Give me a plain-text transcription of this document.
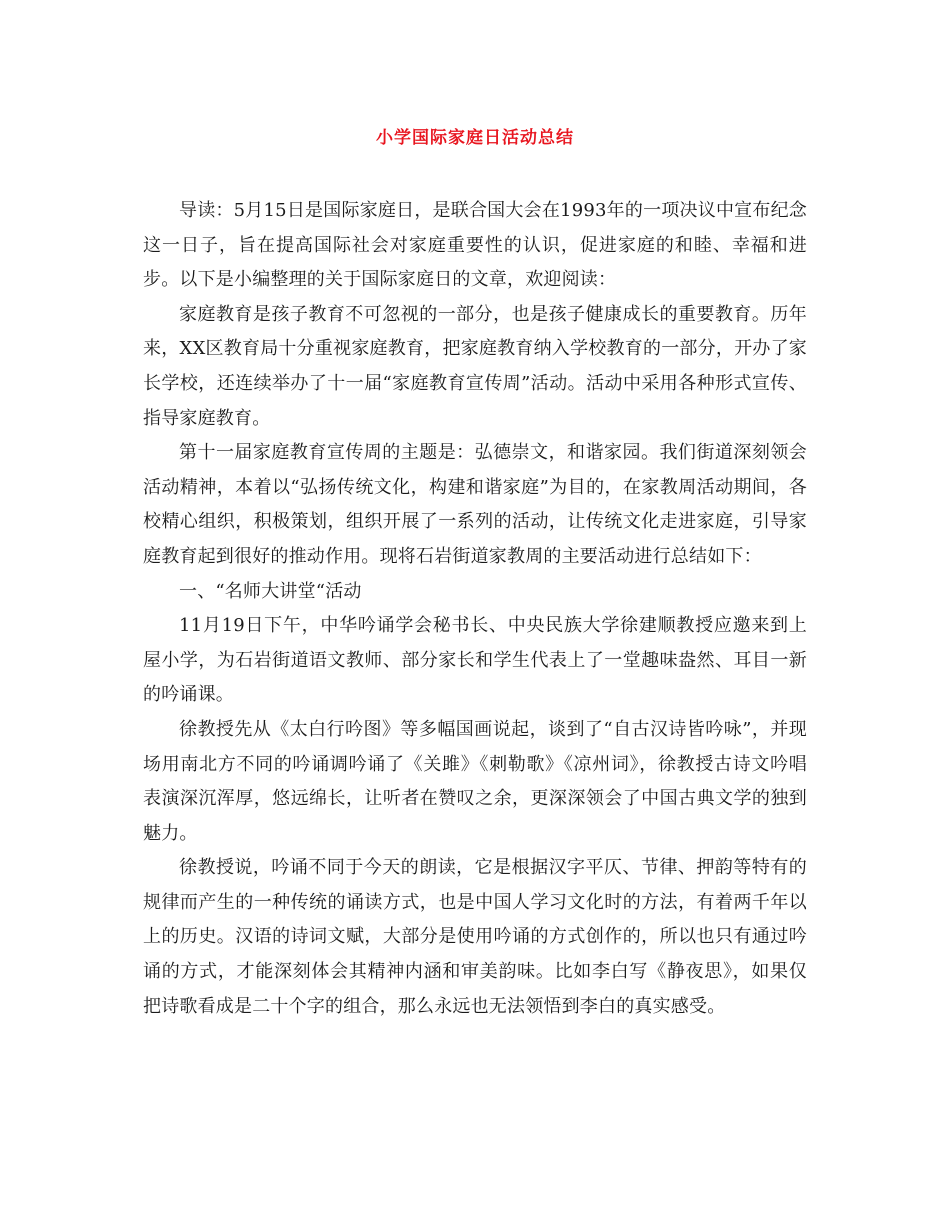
小学国际家庭日活动总结

导读：5月15日是国际家庭日，是联合国大会在1993年的一项决议中宣布纪念这一日子，旨在提高国际社会对家庭重要性的认识，促进家庭的和睦、幸福和进步。以下是小编整理的关于国际家庭日的文章，欢迎阅读：

家庭教育是孩子教育不可忽视的一部分，也是孩子健康成长的重要教育。历年来，XX区教育局十分重视家庭教育，把家庭教育纳入学校教育的一部分，开办了家长学校，还连续举办了十一届“家庭教育宣传周”活动。活动中采用各种形式宣传、指导家庭教育。

第十一届家庭教育宣传周的主题是：弘德崇文，和谐家园。我们街道深刻领会活动精神，本着以“弘扬传统文化，构建和谐家庭”为目的，在家教周活动期间，各校精心组织，积极策划，组织开展了一系列的活动，让传统文化走进家庭，引导家庭教育起到很好的推动作用。现将石岩街道家教周的主要活动进行总结如下：

一、“名师大讲堂“活动

11月19日下午，中华吟诵学会秘书长、中央民族大学徐建顺教授应邀来到上屋小学，为石岩街道语文教师、部分家长和学生代表上了一堂趣味盎然、耳目一新的吟诵课。

徐教授先从《太白行吟图》等多幅国画说起，谈到了“自古汉诗皆吟咏”，并现场用南北方不同的吟诵调吟诵了《关雎》《刺勒歌》《凉州词》，徐教授古诗文吟唱表演深沉浑厚，悠远绵长，让听者在赞叹之余，更深深领会了中国古典文学的独到魅力。

徐教授说，吟诵不同于今天的朗读，它是根据汉字平仄、节律、押韵等特有的规律而产生的一种传统的诵读方式，也是中国人学习文化时的方法，有着两千年以上的历史。汉语的诗词文赋，大部分是使用吟诵的方式创作的，所以也只有通过吟诵的方式，才能深刻体会其精神内涵和审美韵味。比如李白写《静夜思》，如果仅把诗歌看成是二十个字的组合，那么永远也无法领悟到李白的真实感受。
